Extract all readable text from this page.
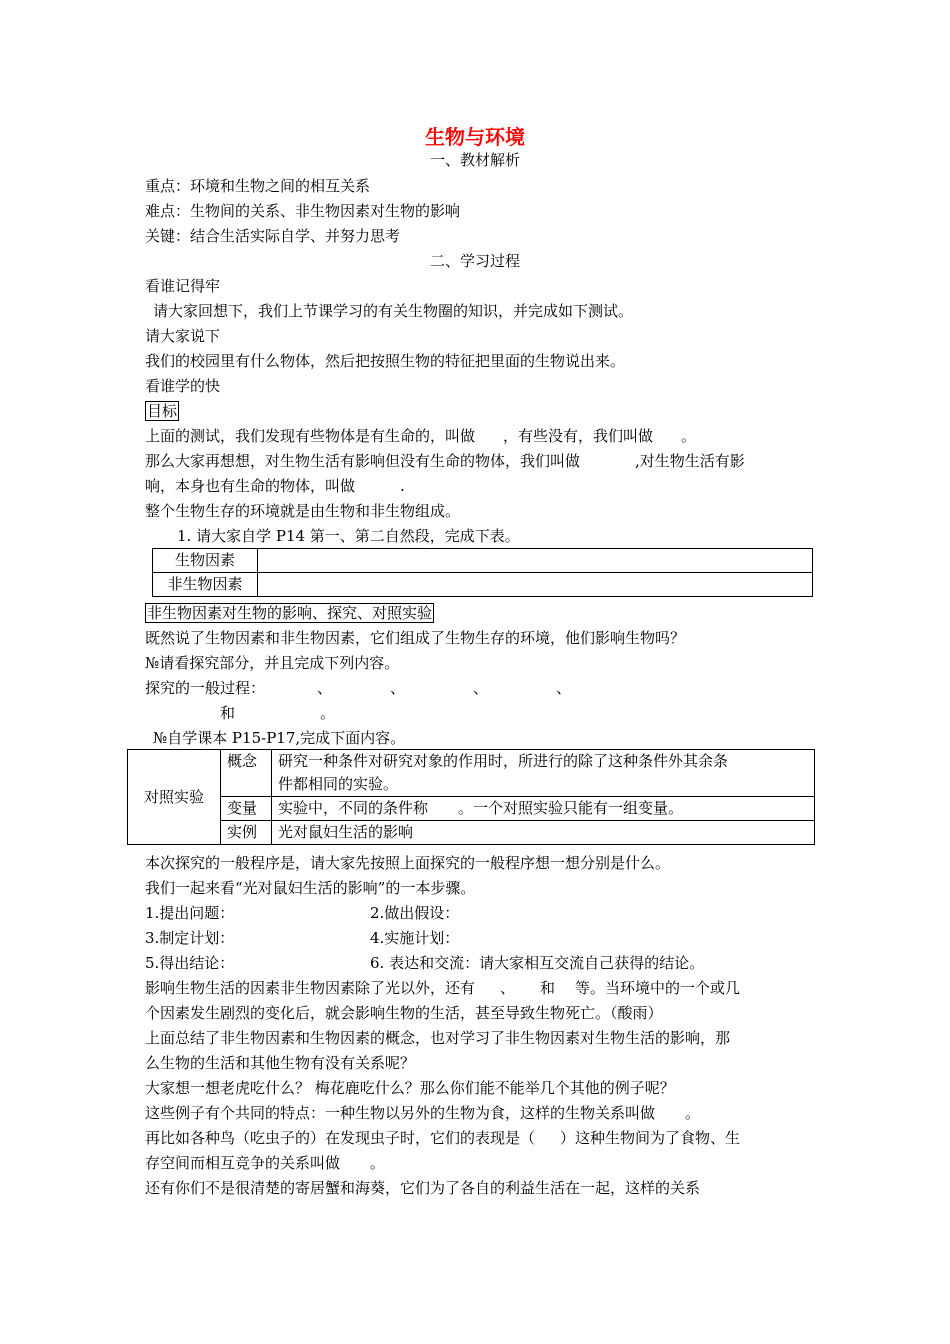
生物与环境
一、教材解析
重点：环境和生物之间的相互关系
难点：生物间的关系、非生物因素对生物的影响
关键：结合生活实际自学、并努力思考
二、学习过程
看谁记得牢
请大家回想下，我们上节课学习的有关生物圈的知识，并完成如下测试。
请大家说下
我们的校园里有什么物体，然后把按照生物的特征把里面的生物说出来。
看谁学的快
目标
上面的测试，我们发现有些物体是有生命的，叫做 ，有些没有，我们叫做 。
那么大家再想想，对生物生活有影响但没有生命的物体，我们叫做	,对生物生活有影
响，本身也有生命的物体，叫做	.
整个生物生存的环境就是由生物和非生物组成。
1. 请大家自学 P14 第一、第二自然段，完成下表。
生物因素	
非生物因素	
非生物因素对生物的影响、探究、对照实验
既然说了生物因素和非生物因素，它们组成了生物生存的环境，他们影响生物吗？
№请看探究部分，并且完成下列内容。
探究的一般过程：	、	、	、	、
和	。
№自学课本 P15-P17,完成下面内容。
对照实验	概念	研究一种条件对研究对象的作用时，所进行的除了这种条件外其余条
件都相同的实验。

	变量	实验中，不同的条件称 。一个对照实验只能有一组变量。
	实例	光对鼠妇生活的影响
本次探究的一般程序是，请大家先按照上面探究的一般程序想一想分别是什么。
我们一起来看“光对鼠妇生活的影响”的一本步骤。
1.提出问题：	2.做出假设：
3.制定计划：	4.实施计划：
5.得出结论：	6. 表达和交流：请大家相互交流自己获得的结论。
影响生物生活的因素非生物因素除了光以外，还有 、 和 等。当环境中的一个或几
个因素发生剧烈的变化后，就会影响生物的生活，甚至导致生物死亡。（酸雨）
上面总结了非生物因素和生物因素的概念，也对学习了非生物因素对生物生活的影响，那
么生物的生活和其他生物有没有关系呢？
大家想一想老虎吃什么？ 梅花鹿吃什么？那么你们能不能举几个其他的例子呢？
这些例子有个共同的特点：一种生物以另外的生物为食，这样的生物关系叫做 。
再比如各种鸟（吃虫子的）在发现虫子时，它们的表现是（ ）这种生物间为了食物、生
存空间而相互竞争的关系叫做 。
还有你们不是很清楚的寄居蟹和海葵，它们为了各自的利益生活在一起，这样的关系
